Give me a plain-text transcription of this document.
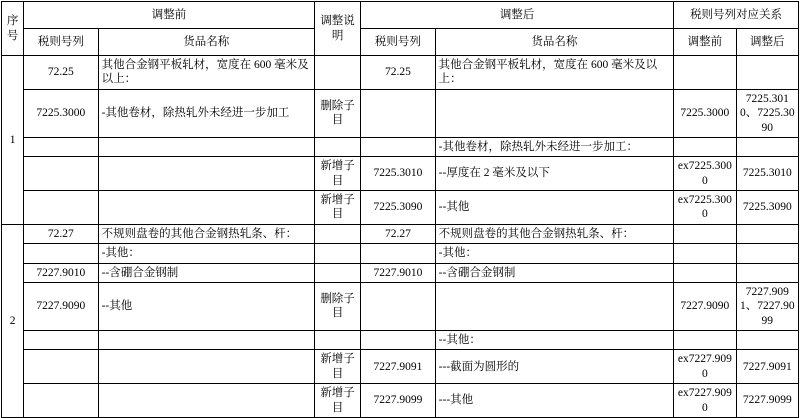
序号	调整前		调整说明	调整后		税则号列对应关系	
	税则号列	货品名称		税则号列	货品名称	调整前	调整后
1	72.25	其他合金钢平板轧材，宽度在 600 毫米及以上：		72.25	其他合金钢平板轧材，宽度在 600 毫米及以上：		
	7225.3000	-其他卷材，除热轧外未经进一步加工	删除子目			7225.3000	7225.3010、7225.3090
					-其他卷材，除热轧外未经进一步加工：		
			新增子目	7225.3010	--厚度在 2 毫米及以下	ex7225.3000	7225.3010
			新增子目	7225.3090	--其他	ex7225.3000	7225.3090
2	72.27	不规则盘卷的其他合金钢热轧条、杆：		72.27	不规则盘卷的其他合金钢热轧条、杆：		
		-其他：			-其他：		
	7227.9010	--含硼合金钢制		7227.9010	--含硼合金钢制		
	7227.9090	--其他	删除子目			7227.9090	7227.9091、7227.9099
					--其他：		
			新增子目	7227.9091	---截面为圆形的	ex7227.9090	7227.9091
			新增子目	7227.9099	---其他	ex7227.9090	7227.9099
